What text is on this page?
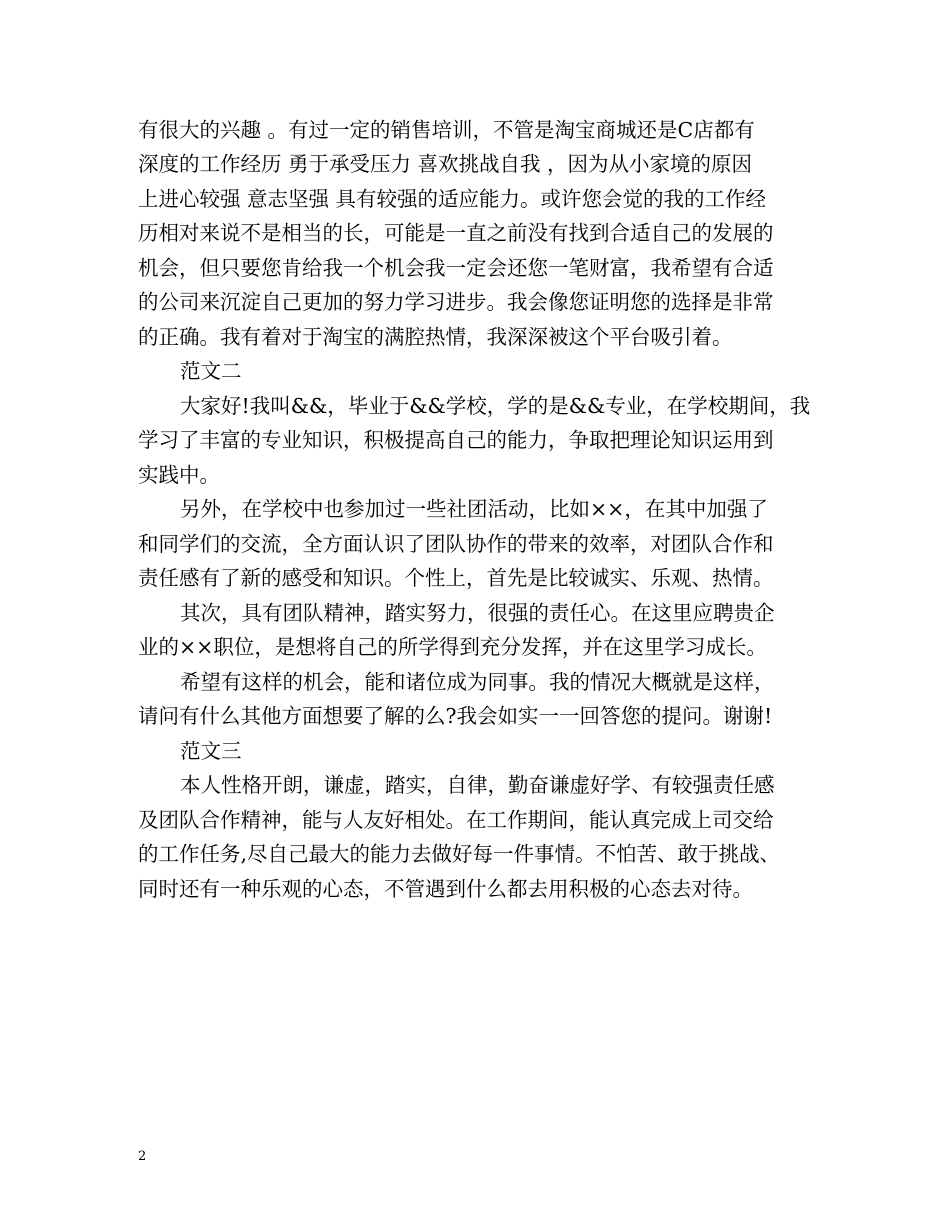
有很大的兴趣 。有过一定的销售培训，不管是淘宝商城还是C店都有
深度的工作经历 勇于承受压力 喜欢挑战自我 ，因为从小家境的原因
上进心较强 意志坚强 具有较强的适应能力。或许您会觉的我的工作经
历相对来说不是相当的长，可能是一直之前没有找到合适自己的发展的
机会，但只要您肯给我一个机会我一定会还您一笔财富，我希望有合适
的公司来沉淀自己更加的努力学习进步。我会像您证明您的选择是非常
的正确。我有着对于淘宝的满腔热情，我深深被这个平台吸引着。
范文二
大家好!我叫&&，毕业于&&学校，学的是&&专业，在学校期间，我
学习了丰富的专业知识，积极提高自己的能力，争取把理论知识运用到
实践中。
另外，在学校中也参加过一些社团活动，比如××，在其中加强了
和同学们的交流，全方面认识了团队协作的带来的效率，对团队合作和
责任感有了新的感受和知识。个性上，首先是比较诚实、乐观、热情。
其次，具有团队精神，踏实努力，很强的责任心。在这里应聘贵企
业的××职位，是想将自己的所学得到充分发挥，并在这里学习成长。
希望有这样的机会，能和诸位成为同事。我的情况大概就是这样，
请问有什么其他方面想要了解的么?我会如实一一回答您的提问。谢谢!
范文三
本人性格开朗，谦虚，踏实，自律，勤奋谦虚好学、有较强责任感
及团队合作精神，能与人友好相处。在工作期间，能认真完成上司交给
的工作任务,尽自己最大的能力去做好每一件事情。不怕苦、敢于挑战、
同时还有一种乐观的心态，不管遇到什么都去用积极的心态去对待。
2
